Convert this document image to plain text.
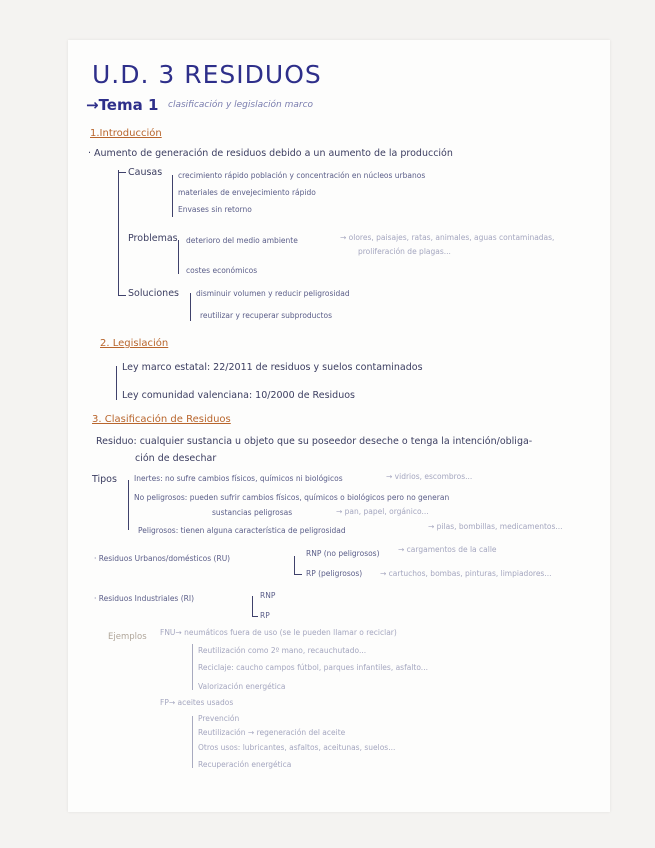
U.D. 3 RESIDUOS
→Tema 1 clasificación y legislación marco
1.Introducción
· Aumento de generación de residuos debido a un aumento de la producción
Causas crecimiento rápido población y concentración en núcleos urbanos
materiales de envejecimiento rápido
Envases sin retorno
Problemas deterioro del medio ambiente	→ olores, paisajes, ratas, animales, aguas contaminadas,
proliferación de plagas...
costes económicos
Soluciones disminuir volumen y reducir peligrosidad
reutilizar y recuperar subproductos
2. Legislación
Ley marco estatal: 22/2011 de residuos y suelos contaminados
Ley comunidad valenciana: 10/2000 de Residuos
3. Clasificación de Residuos
Residuo: cualquier sustancia u objeto que su poseedor deseche o tenga la intención/obliga-
ción de desechar
Tipos Inertes: no sufre cambios físicos, químicos ni biológicos	→ vidrios, escombros...
No peligrosos: pueden sufrir cambios físicos, químicos o biológicos pero no generan
sustancias peligrosas	→ pan, papel, orgánico...
Peligrosos: tienen alguna característica de peligrosidad	→ pilas, bombillas, medicamentos...
· Residuos Urbanos/domésticos (RU)
RNP (no peligrosos) → cargamentos de la calle
RP (peligrosos) → cartuchos, bombas, pinturas, limpiadores...
· Residuos Industriales (RI)	RNP
RP
Ejemplos FNU→ neumáticos fuera de uso (se le pueden llamar o reciclar)
Reutilización como 2º mano, recauchutado...
Reciclaje: caucho campos fútbol, parques infantiles, asfalto...
Valorización energética
FP→ aceites usados
Prevención
Reutilización → regeneración del aceite
Otros usos: lubricantes, asfaltos, aceitunas, suelos...
Recuperación energética
